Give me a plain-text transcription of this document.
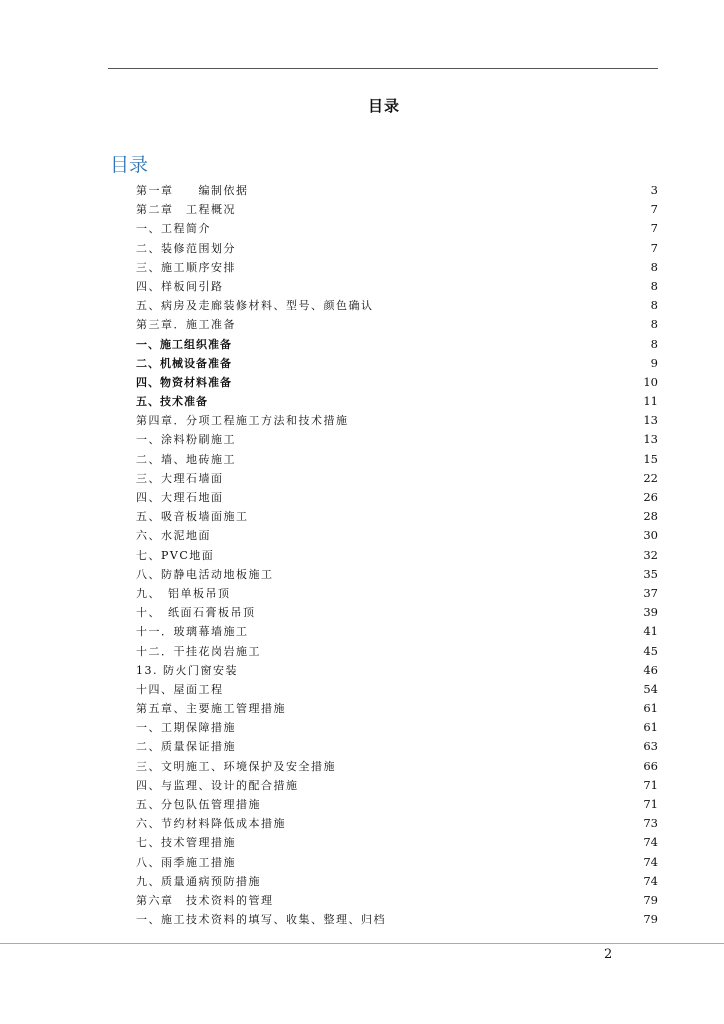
目录
目录
第一章　　编制依据	3
第二章　工程概况	7
一、工程简介	7
二、装修范围划分	7
三、施工顺序安排	8
四、样板间引路	8
五、病房及走廊装修材料、型号、颜色确认	8
第三章．施工准备	8
一、施工组织准备	8
二、机械设备准备	9
四、物资材料准备	10
五、技术准备	11
第四章．分项工程施工方法和技术措施	13
一、涂料粉刷施工	13
二、墙、地砖施工	15
三、大理石墙面	22
四、大理石地面	26
五、吸音板墙面施工	28
六、水泥地面	30
七、PVC地面	32
八、防静电活动地板施工	35
九、　铝单板吊顶	37
十、　纸面石膏板吊顶	39
十一．玻璃幕墙施工	41
十二．干挂花岗岩施工	45
13. 防火门窗安装	46
十四、屋面工程	54
第五章、主要施工管理措施	61
一、工期保障措施	61
二、质量保证措施	63
三、文明施工、环境保护及安全措施	66
四、与监理、设计的配合措施	71
五、分包队伍管理措施	71
六、节约材料降低成本措施	73
七、技术管理措施	74
八、雨季施工措施	74
九、质量通病预防措施	74
第六章　技术资料的管理	79
一、施工技术资料的填写、收集、整理、归档	79
2
